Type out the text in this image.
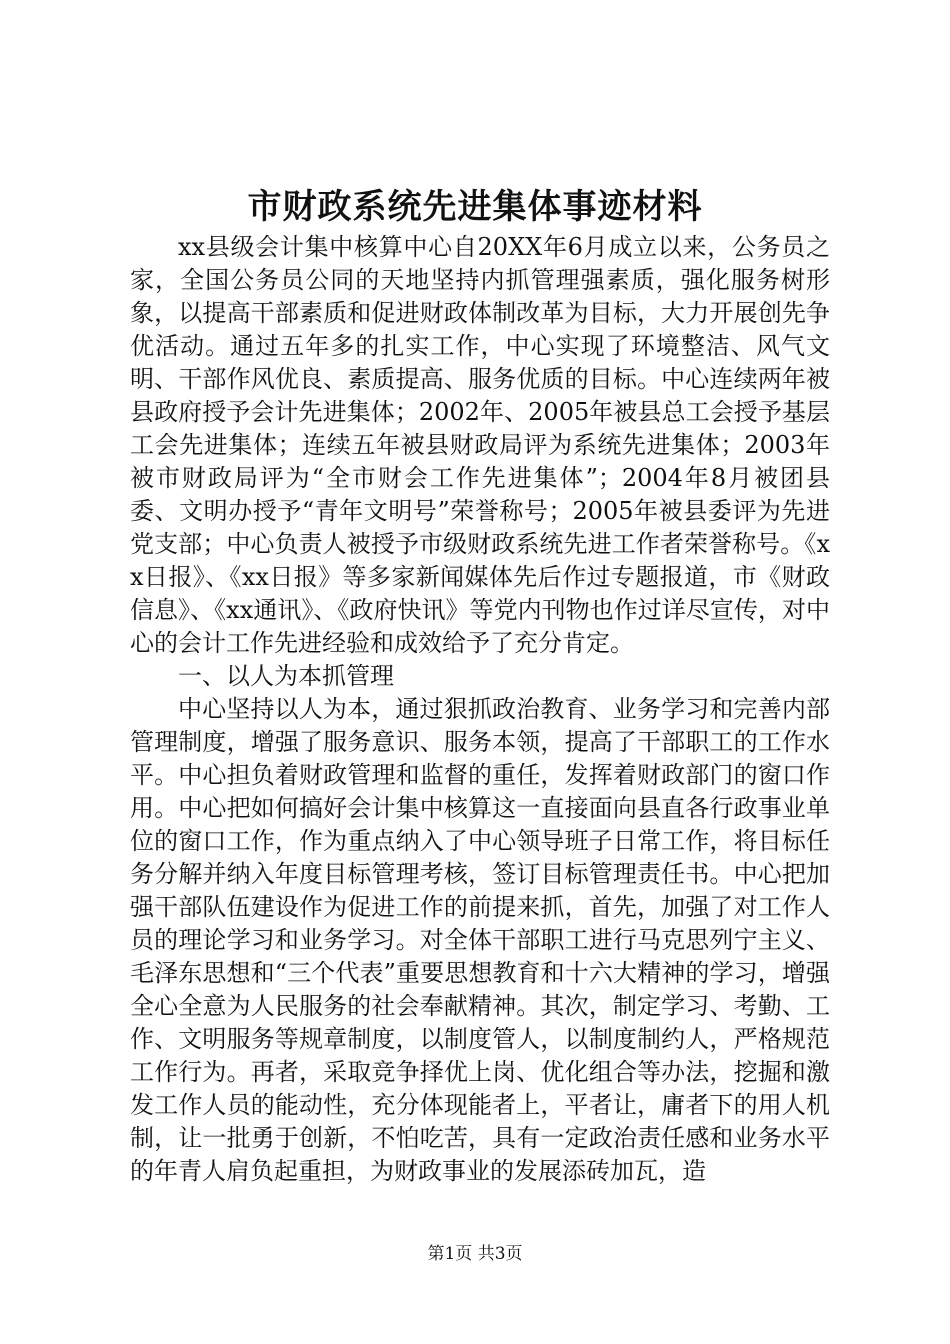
市财政系统先进集体事迹材料

xx县级会计集中核算中心自20XX年6月成立以来，公务员之家，全国公务员公同的天地坚持内抓管理强素质，强化服务树形象，以提高干部素质和促进财政体制改革为目标，大力开展创先争优活动。通过五年多的扎实工作，中心实现了环境整洁、风气文明、干部作风优良、素质提高、服务优质的目标。中心连续两年被县政府授予会计先进集体；2002年、2005年被县总工会授予基层工会先进集体；连续五年被县财政局评为系统先进集体；2003年被市财政局评为“全市财会工作先进集体”；2004年8月被团县委、文明办授予“青年文明号”荣誉称号；2005年被县委评为先进党支部；中心负责人被授予市级财政系统先进工作者荣誉称号。《xx日报》、《xx日报》等多家新闻媒体先后作过专题报道，市《财政信息》、《xx通讯》、《政府快讯》等党内刊物也作过详尽宣传，对中心的会计工作先进经验和成效给予了充分肯定。

一、以人为本抓管理

中心坚持以人为本，通过狠抓政治教育、业务学习和完善内部管理制度，增强了服务意识、服务本领，提高了干部职工的工作水平。中心担负着财政管理和监督的重任，发挥着财政部门的窗口作用。中心把如何搞好会计集中核算这一直接面向县直各行政事业单位的窗口工作，作为重点纳入了中心领导班子日常工作，将目标任务分解并纳入年度目标管理考核，签订目标管理责任书。中心把加强干部队伍建设作为促进工作的前提来抓，首先，加强了对工作人员的理论学习和业务学习。对全体干部职工进行马克思列宁主义、毛泽东思想和“三个代表”重要思想教育和十六大精神的学习，增强全心全意为人民服务的社会奉献精神。其次，制定学习、考勤、工作、文明服务等规章制度，以制度管人，以制度制约人，严格规范工作行为。再者，采取竞争择优上岗、优化组合等办法，挖掘和激发工作人员的能动性，充分体现能者上，平者让，庸者下的用人机制，让一批勇于创新，不怕吃苦，具有一定政治责任感和业务水平的年青人肩负起重担，为财政事业的发展添砖加瓦，造

第1页 共3页
